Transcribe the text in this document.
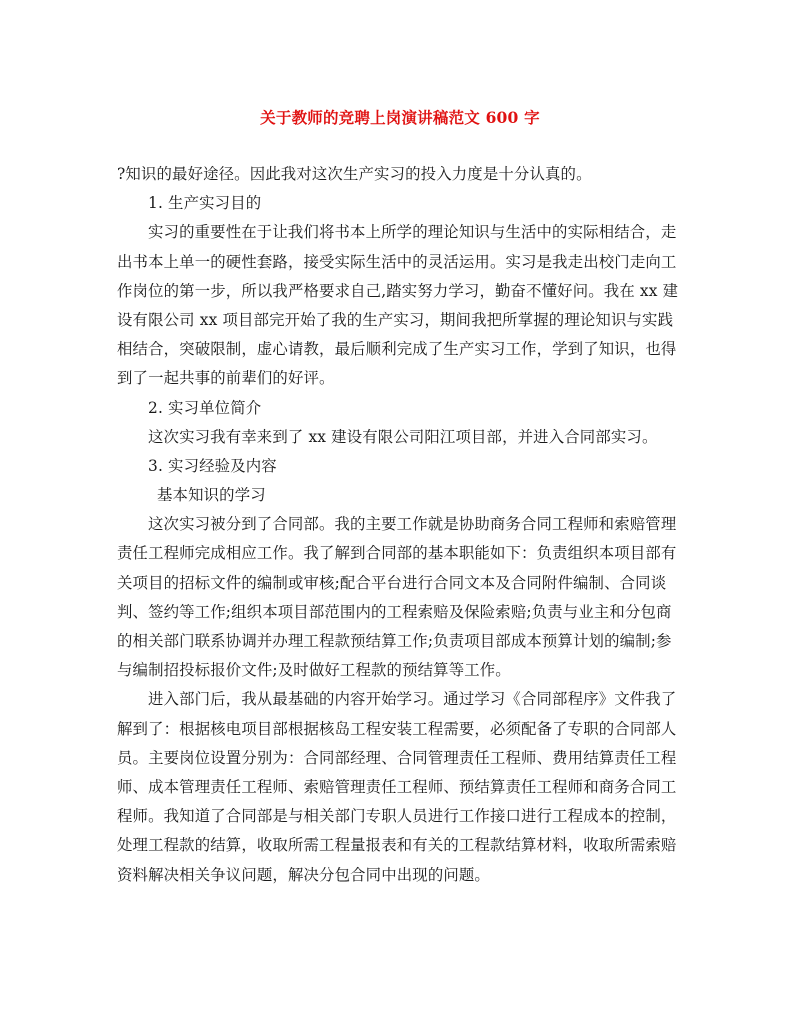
关于教师的竞聘上岗演讲稿范文 600 字
?知识的最好途径。因此我对这次生产实习的投入力度是十分认真的。
1. 生产实习目的
实习的重要性在于让我们将书本上所学的理论知识与生活中的实际相结合，走
出书本上单一的硬性套路，接受实际生活中的灵活运用。实习是我走出校门走向工
作岗位的第一步，所以我严格要求自己,踏实努力学习，勤奋不懂好问。我在 xx 建
设有限公司 xx 项目部完开始了我的生产实习，期间我把所掌握的理论知识与实践
相结合，突破限制，虚心请教，最后顺利完成了生产实习工作，学到了知识，也得
到了一起共事的前辈们的好评。
2. 实习单位简介
这次实习我有幸来到了 xx 建设有限公司阳江项目部，并进入合同部实习。
3. 实习经验及内容
基本知识的学习
这次实习被分到了合同部。我的主要工作就是协助商务合同工程师和索赔管理
责任工程师完成相应工作。我了解到合同部的基本职能如下：负责组织本项目部有
关项目的招标文件的编制或审核;配合平台进行合同文本及合同附件编制、合同谈
判、签约等工作;组织本项目部范围内的工程索赔及保险索赔;负责与业主和分包商
的相关部门联系协调并办理工程款预结算工作;负责项目部成本预算计划的编制;参
与编制招投标报价文件;及时做好工程款的预结算等工作。
进入部门后，我从最基础的内容开始学习。通过学习《合同部程序》文件我了
解到了：根据核电项目部根据核岛工程安装工程需要，必须配备了专职的合同部人
员。主要岗位设置分别为：合同部经理、合同管理责任工程师、费用结算责任工程
师、成本管理责任工程师、索赔管理责任工程师、预结算责任工程师和商务合同工
程师。我知道了合同部是与相关部门专职人员进行工作接口进行工程成本的控制，
处理工程款的结算，收取所需工程量报表和有关的工程款结算材料，收取所需索赔
资料解决相关争议问题，解决分包合同中出现的问题。
